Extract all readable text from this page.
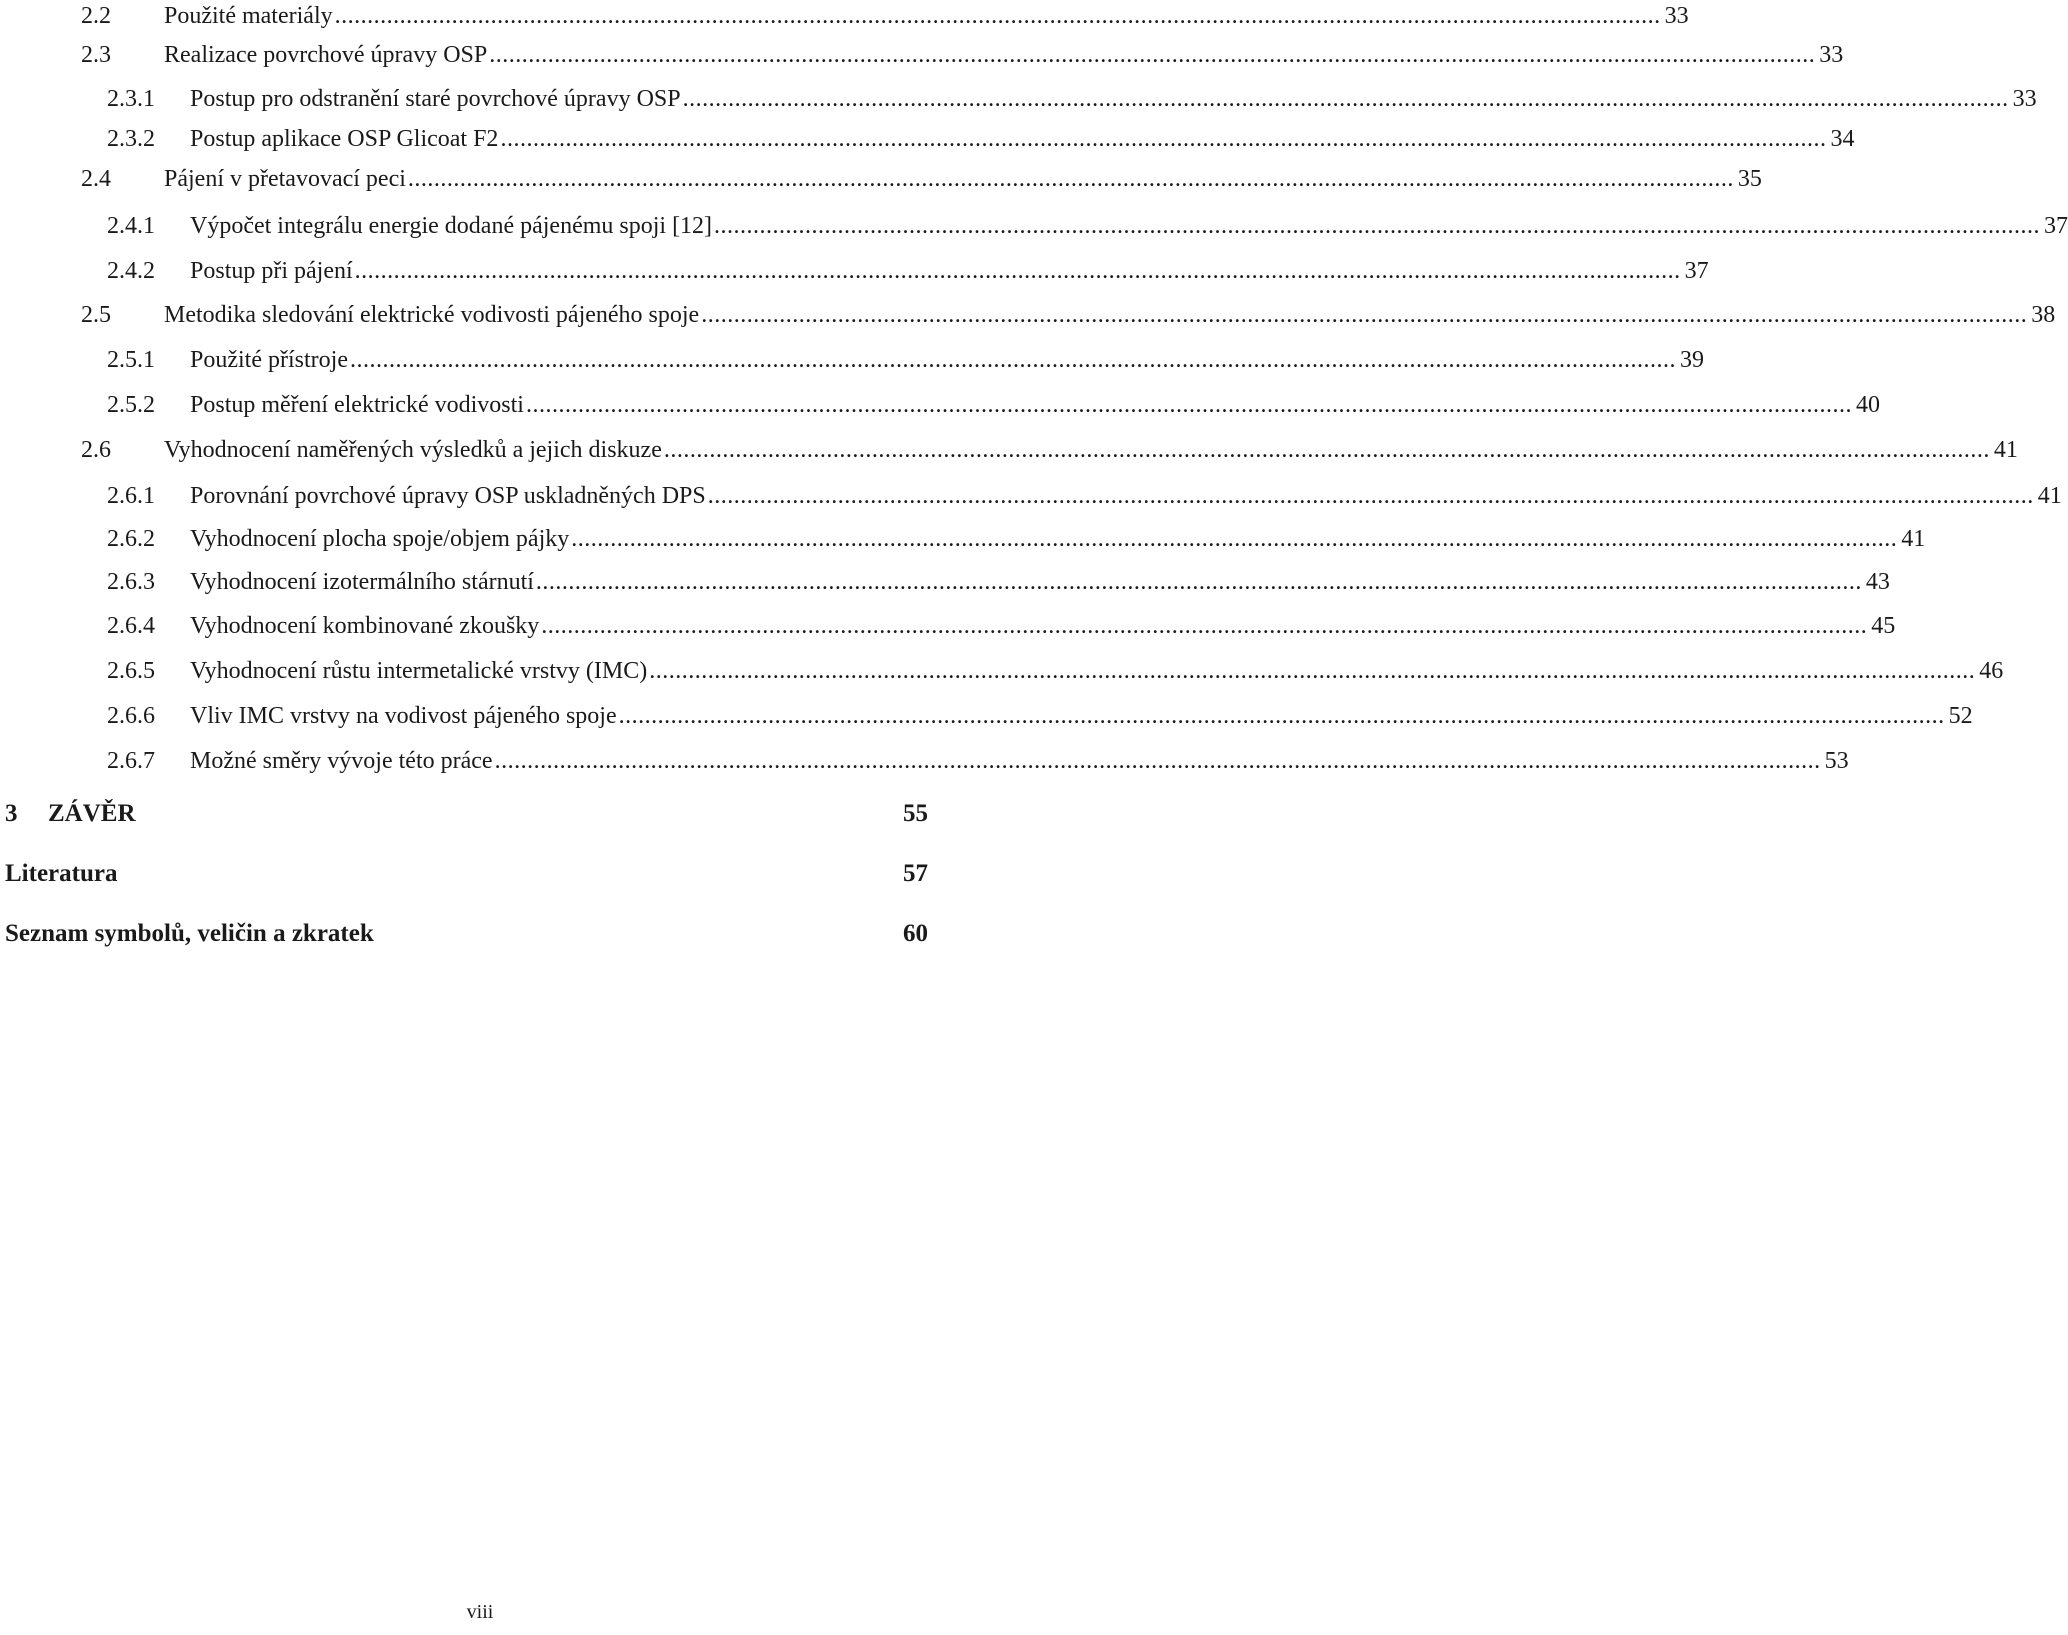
2.2 Použité materiály ............................................................................................................................................................................................................ 33
2.3 Realizace povrchové úpravy OSP ............................................................................................................................................................................................................ 33
2.3.1 Postup pro odstranění staré povrchové úpravy OSP ............................................................................................................................................................................................................ 33
2.3.2 Postup aplikace OSP Glicoat F2 ............................................................................................................................................................................................................ 34
2.4 Pájení v přetavovací peci ............................................................................................................................................................................................................ 35
2.4.1 Výpočet integrálu energie dodané pájenému spoji [12] ............................................................................................................................................................................................................ 37
2.4.2 Postup při pájení ............................................................................................................................................................................................................ 37
2.5 Metodika sledování elektrické vodivosti pájeného spoje ............................................................................................................................................................................................................ 38
2.5.1 Použité přístroje ............................................................................................................................................................................................................ 39
2.5.2 Postup měření elektrické vodivosti ............................................................................................................................................................................................................ 40
2.6 Vyhodnocení naměřených výsledků a jejich diskuze ............................................................................................................................................................................................................ 41
2.6.1 Porovnání povrchové úpravy OSP uskladněných DPS ............................................................................................................................................................................................................ 41
2.6.2 Vyhodnocení plocha spoje/objem pájky ............................................................................................................................................................................................................ 41
2.6.3 Vyhodnocení izotermálního stárnutí ............................................................................................................................................................................................................ 43
2.6.4 Vyhodnocení kombinované zkoušky ............................................................................................................................................................................................................ 45
2.6.5 Vyhodnocení růstu intermetalické vrstvy (IMC) ............................................................................................................................................................................................................ 46
2.6.6 Vliv IMC vrstvy na vodivost pájeného spoje ............................................................................................................................................................................................................ 52
2.6.7 Možné směry vývoje této práce ............................................................................................................................................................................................................ 53
3 ZÁVĚR	55
Literatura	57
Seznam symbolů, veličin a zkratek	60
viii
